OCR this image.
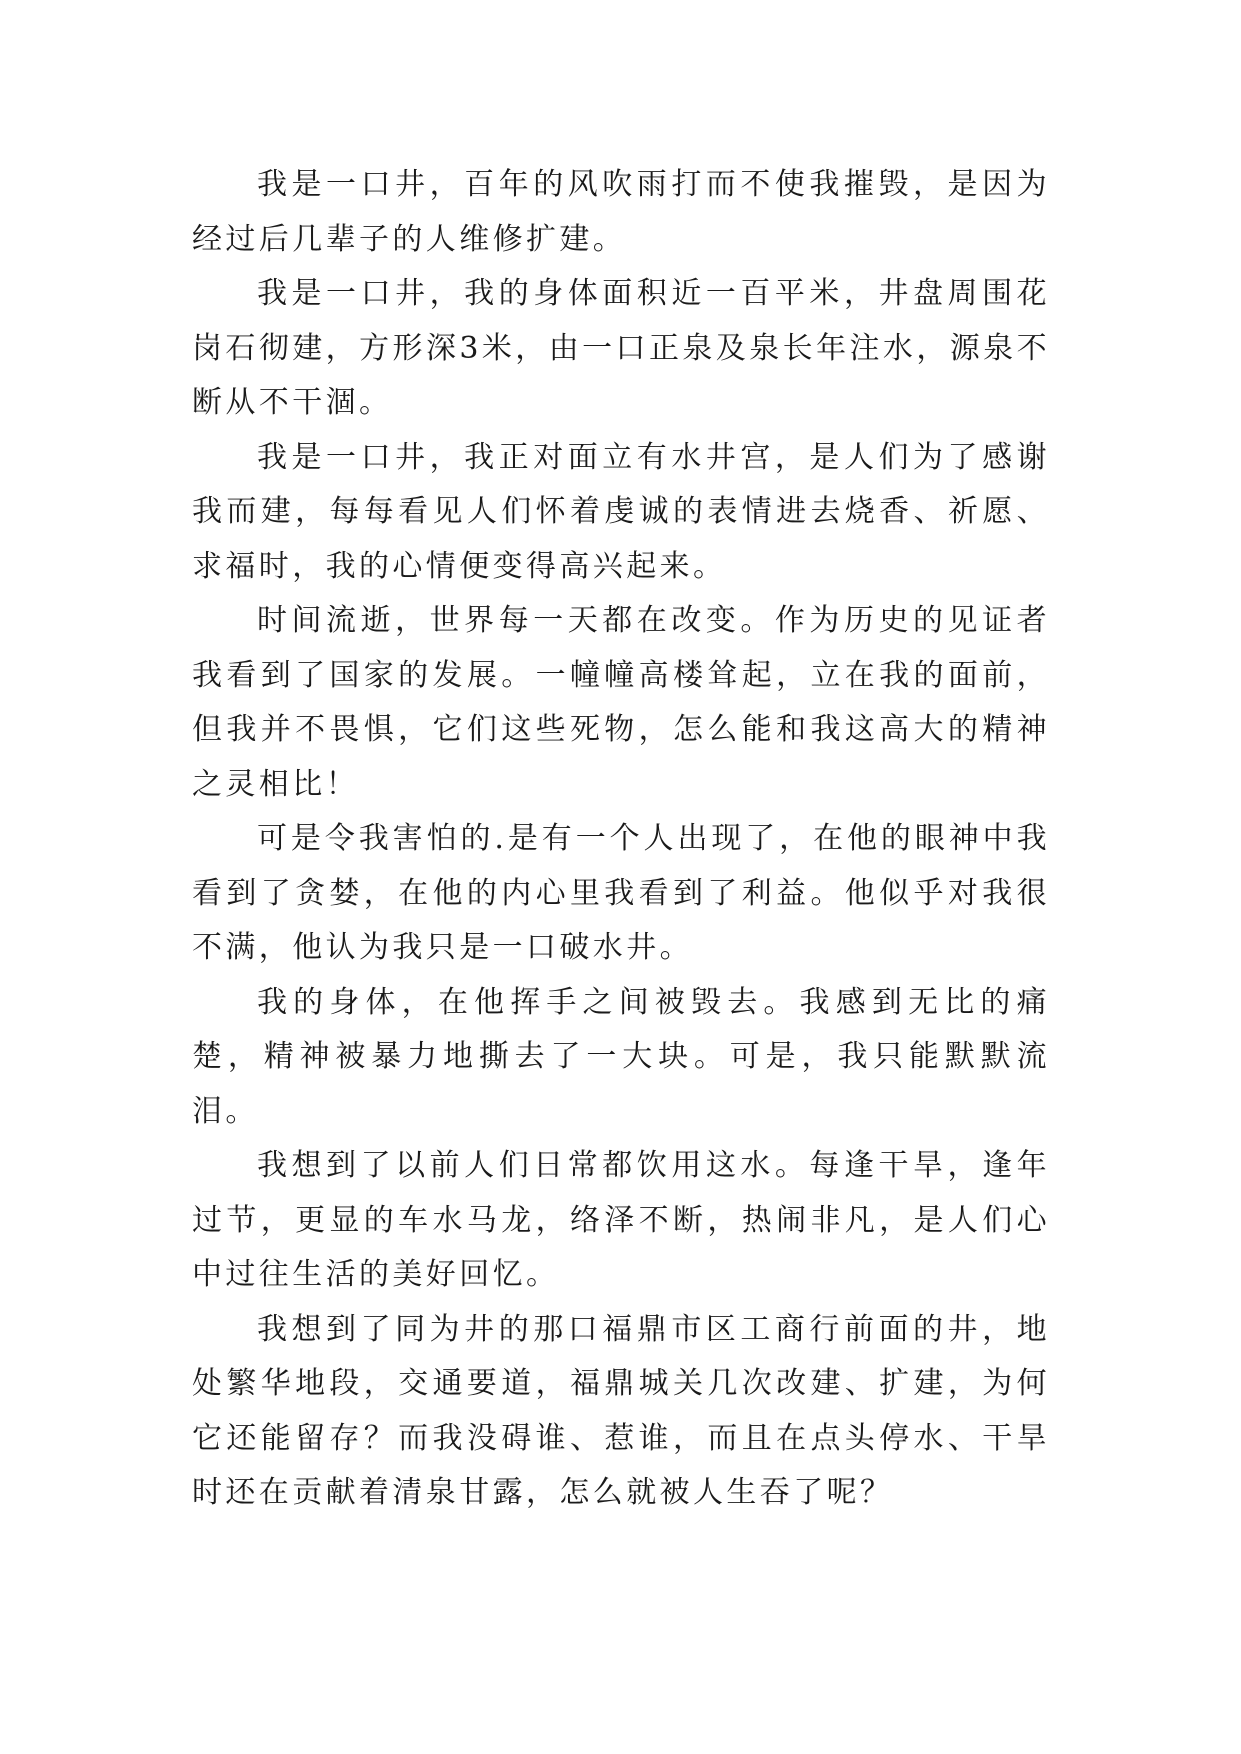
我是一口井，百年的风吹雨打而不使我摧毁，是因为经过后几辈子的人维修扩建。

我是一口井，我的身体面积近一百平米，井盘周围花岗石彻建，方形深3米，由一口正泉及泉长年注水，源泉不断从不干涸。

我是一口井，我正对面立有水井宫，是人们为了感谢我而建，每每看见人们怀着虔诚的表情进去烧香、祈愿、求福时，我的心情便变得高兴起来。

时间流逝，世界每一天都在改变。作为历史的见证者我看到了国家的发展。一幢幢高楼耸起，立在我的面前，但我并不畏惧，它们这些死物，怎么能和我这高大的精神之灵相比！

可是令我害怕的.是有一个人出现了，在他的眼神中我看到了贪婪，在他的内心里我看到了利益。他似乎对我很不满，他认为我只是一口破水井。

我的身体，在他挥手之间被毁去。我感到无比的痛楚，精神被暴力地撕去了一大块。可是，我只能默默流泪。

我想到了以前人们日常都饮用这水。每逢干旱，逢年过节，更显的车水马龙，络泽不断，热闹非凡，是人们心中过往生活的美好回忆。

我想到了同为井的那口福鼎市区工商行前面的井，地处繁华地段，交通要道，福鼎城关几次改建、扩建，为何它还能留存？而我没碍谁、惹谁，而且在点头停水、干旱时还在贡献着清泉甘露，怎么就被人生吞了呢？
